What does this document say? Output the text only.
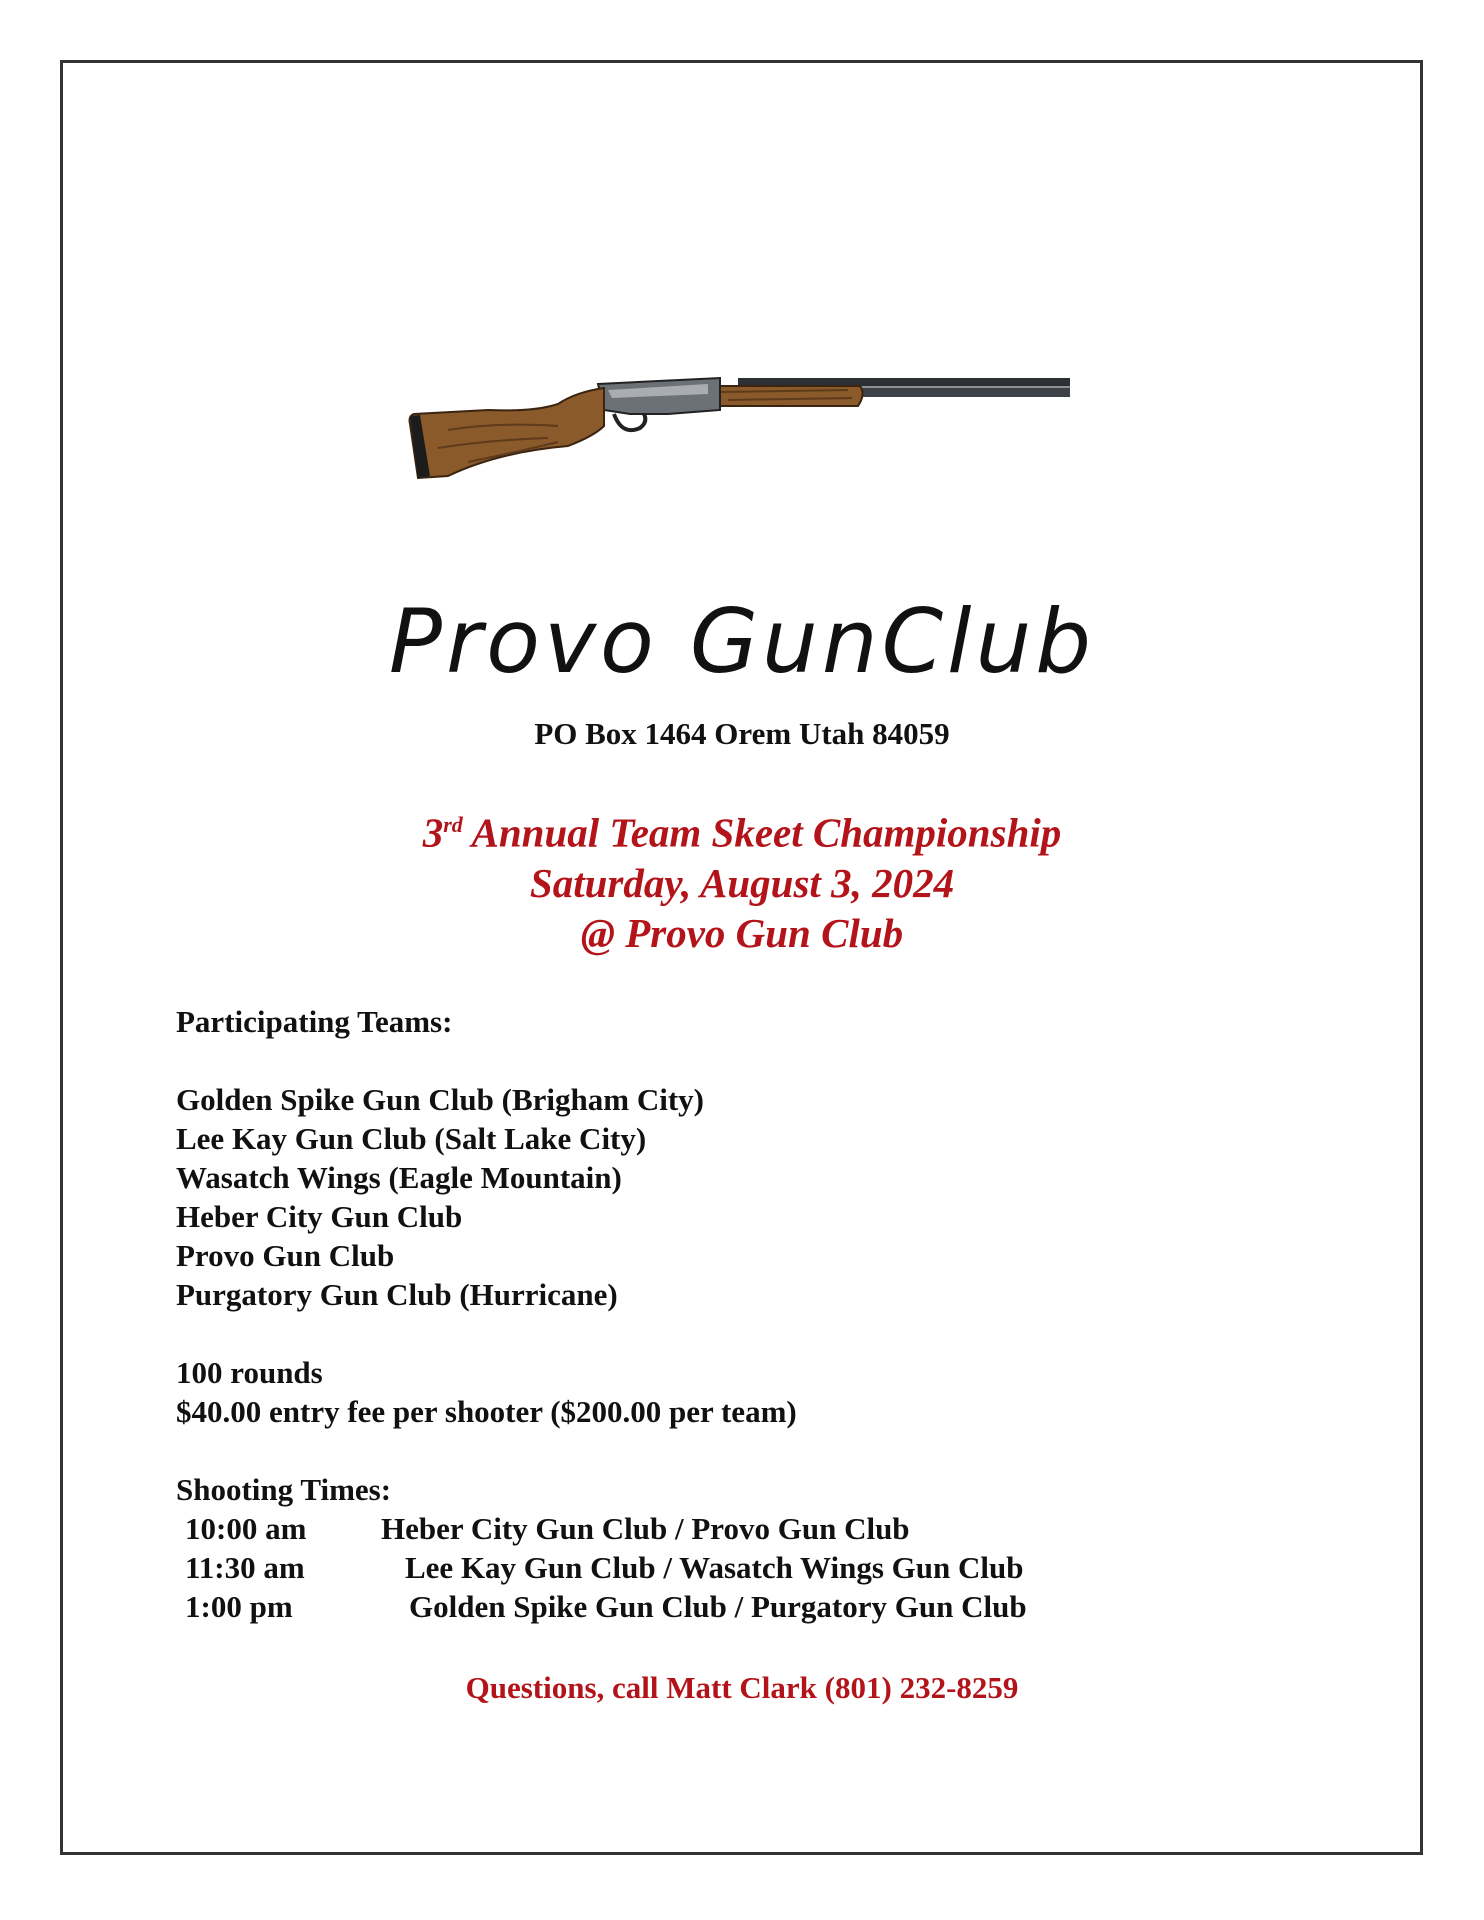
Provo GunClub
PO Box 1464 Orem Utah 84059
3rd Annual Team Skeet Championship
Saturday, August 3, 2024
@ Provo Gun Club
Participating Teams:
Golden Spike Gun Club (Brigham City)
Lee Kay Gun Club (Salt Lake City)
Wasatch Wings (Eagle Mountain)
Heber City Gun Club
Provo Gun Club
Purgatory Gun Club (Hurricane)
100 rounds
$40.00 entry fee per shooter ($200.00 per team)
Shooting Times:
10:00 am	Heber City Gun Club / Provo Gun Club
11:30 am	Lee Kay Gun Club / Wasatch Wings Gun Club
1:00 pm	Golden Spike Gun Club / Purgatory Gun Club
Questions, call Matt Clark (801) 232-8259
